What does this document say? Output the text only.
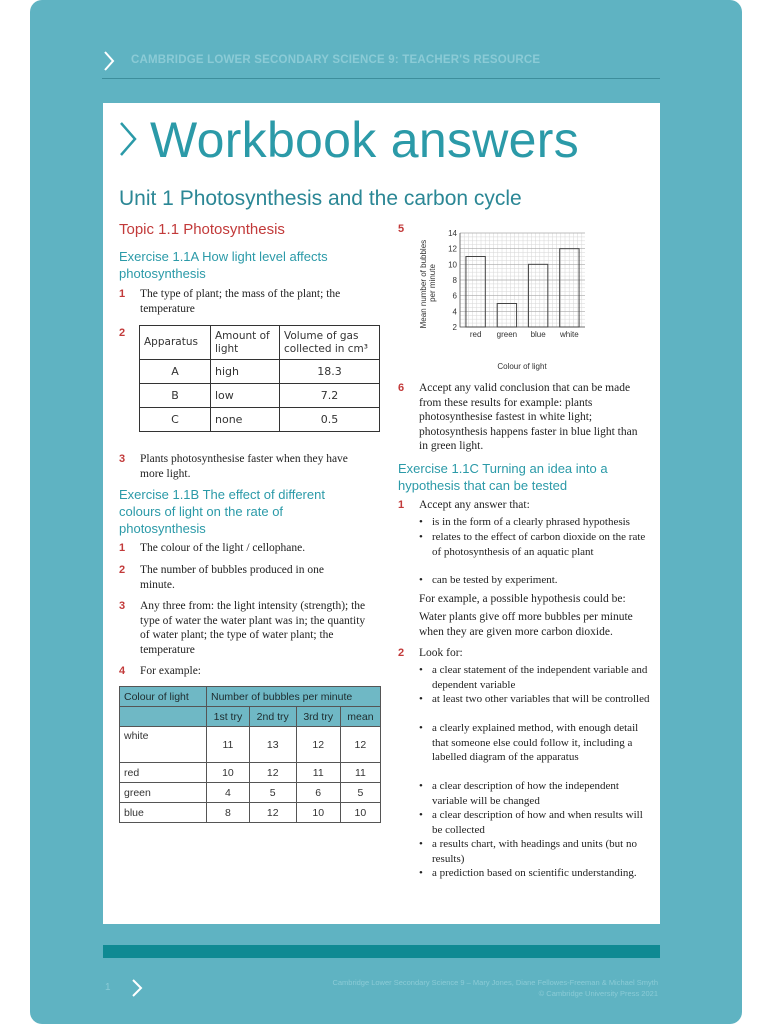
CAMBRIDGE LOWER SECONDARY SCIENCE 9: TEACHER'S RESOURCE
Workbook answers
Unit 1 Photosynthesis and the carbon cycle
Topic 1.1 Photosynthesis
Exercise 1.1A How light level affects photosynthesis
1 The type of plant; the mass of the plant; the temperature
2
Apparatus	Amount of light	Volume of gas collected in cm³
A	high	18.3
B	low	7.2
C	none	0.5
3 Plants photosynthesise faster when they have more light.
Exercise 1.1B The effect of different colours of light on the rate of photosynthesis
1 The colour of the light / cellophane.
2 The number of bubbles produced in one minute.
3 Any three from: the light intensity (strength); the type of water the water plant was in; the quantity of water plant; the type of water plant; the temperature
4 For example:
Colour of light	Number of bubbles per minute			
	1st try	2nd try	3rd try	mean
white	11	13	12	12
red	10	12	11	11
green	4	5	6	5
blue	8	12	10	10
5
2
4
6
8
10
12
14
red green blue white
Mean number of bubbles per minute
Colour of light
6 Accept any valid conclusion that can be made from these results for example: plants photosynthesise fastest in white light; photosynthesis happens faster in blue light than in green light.
Exercise 1.1C Turning an idea into a hypothesis that can be tested
1 Accept any answer that:
• is in the form of a clearly phrased hypothesis
• relates to the effect of carbon dioxide on the rate of photosynthesis of an aquatic plant
• can be tested by experiment.
For example, a possible hypothesis could be:
Water plants give off more bubbles per minute when they are given more carbon dioxide.
2 Look for:
• a clear statement of the independent variable and dependent variable
• at least two other variables that will be controlled
• a clearly explained method, with enough detail that someone else could follow it, including a labelled diagram of the apparatus
• a clear description of how the independent variable will be changed
• a clear description of how and when results will be collected
• a results chart, with headings and units (but no results)
• a prediction based on scientific understanding.
1	Cambridge Lower Secondary Science 9 – Mary Jones, Diane Fellowes-Freeman & Michael Smyth
© Cambridge University Press 2021
